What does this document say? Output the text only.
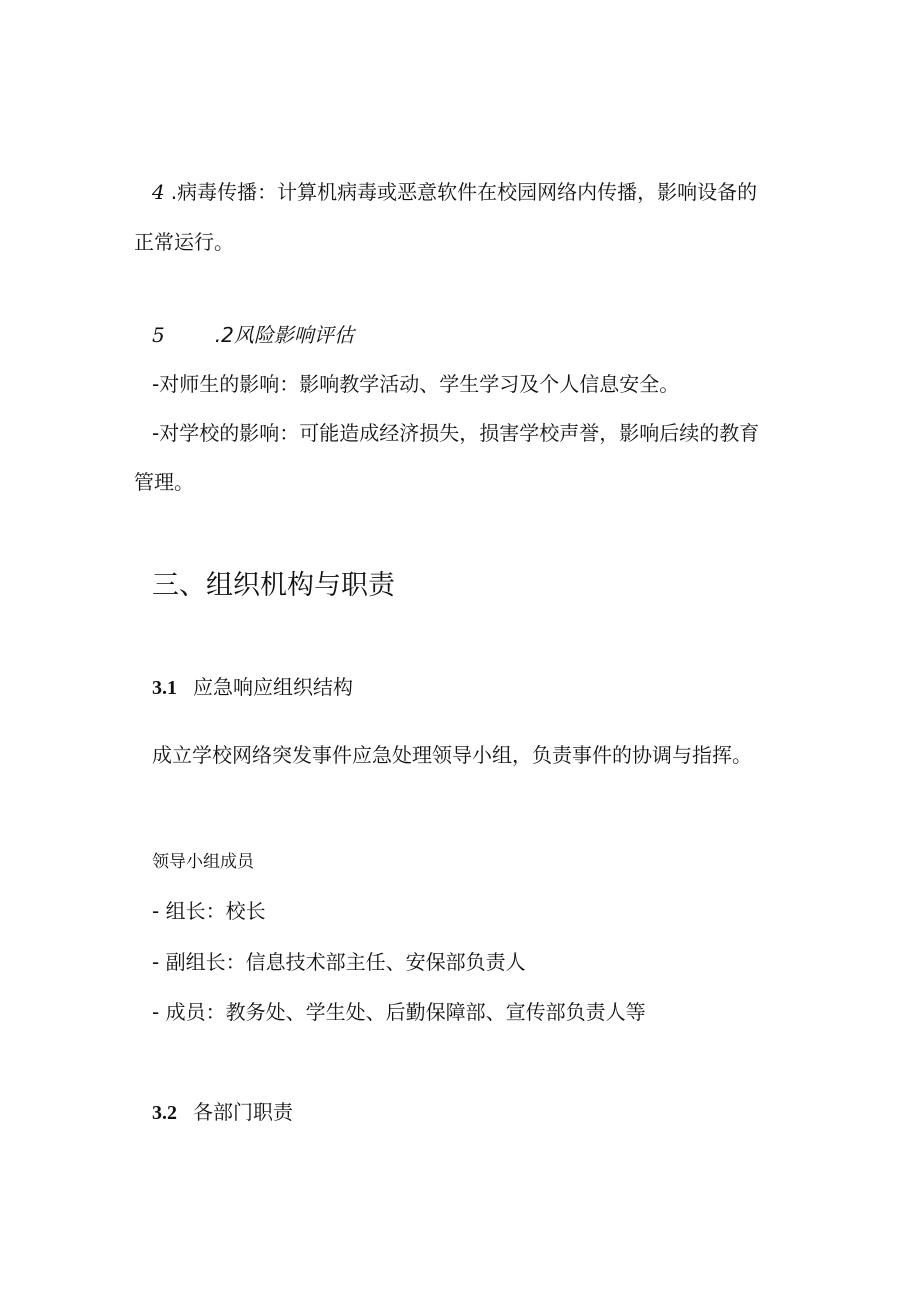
4 .病毒传播：计算机病毒或恶意软件在校园网络内传播，影响设备的
正常运行。
5	.2风险影响评估
-对师生的影响：影响教学活动、学生学习及个人信息安全。
-对学校的影响：可能造成经济损失，损害学校声誉，影响后续的教育
管理。
三、组织机构与职责
3.1 应急响应组织结构
成立学校网络突发事件应急处理领导小组，负责事件的协调与指挥。
领导小组成员
- 组长：校长
- 副组长：信息技术部主任、安保部负责人
- 成员：教务处、学生处、后勤保障部、宣传部负责人等
3.2 各部门职责
